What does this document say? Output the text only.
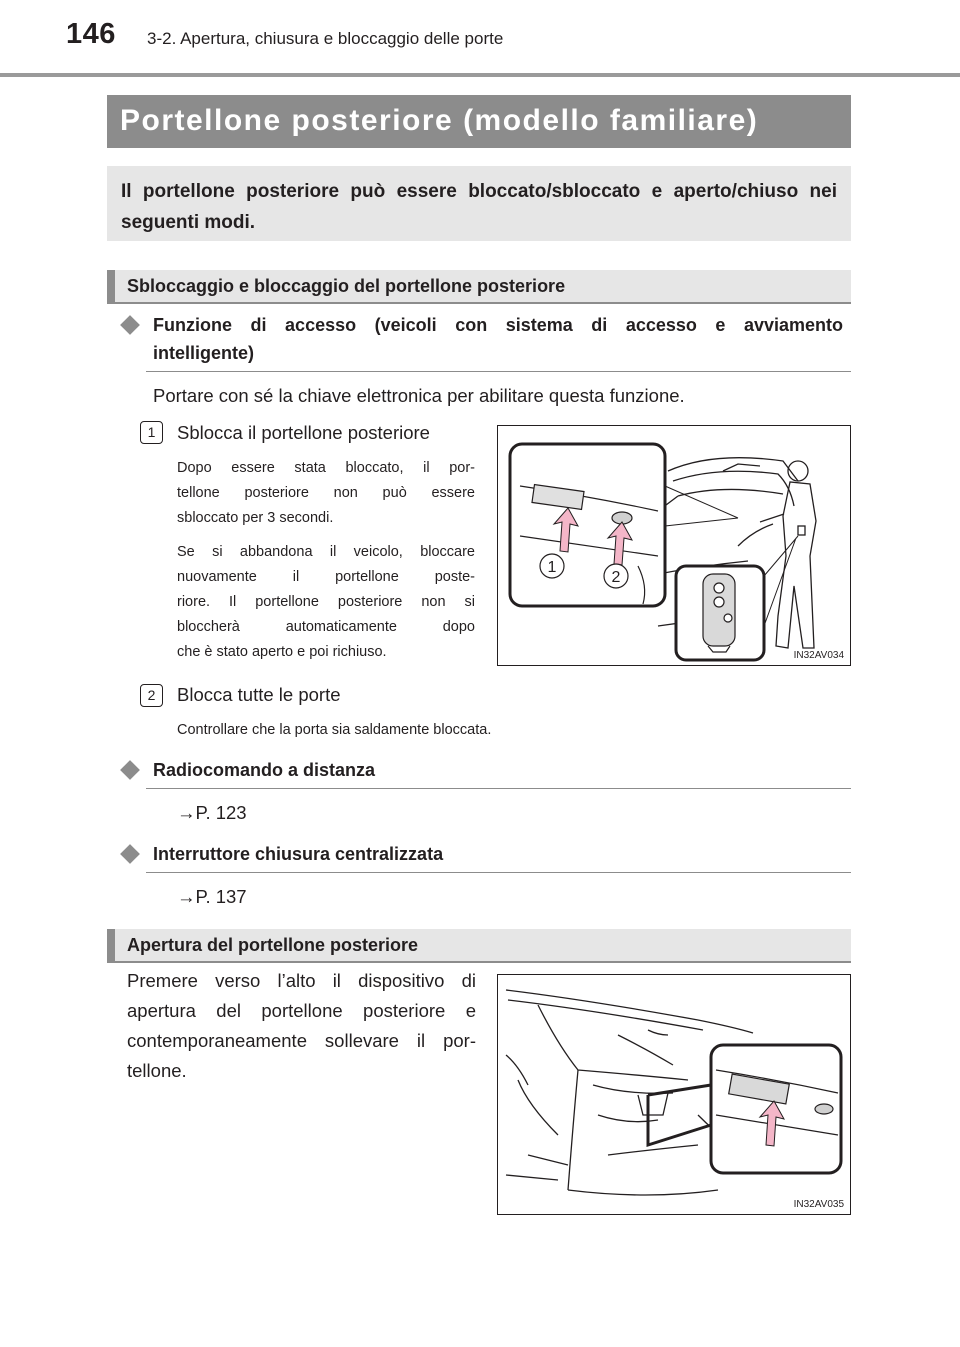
146 3-2. Apertura, chiusura e bloccaggio delle porte
Portellone posteriore (modello familiare)

Il portellone posteriore può essere bloccato/sbloccato e aperto/chiuso nei seguenti modi.

Sbloccaggio e bloccaggio del portellone posteriore
Funzione di accesso (veicoli con sistema di accesso e avviamento
intelligente)
Portare con sé la chiave elettronica per abilitare questa funzione.
1	Sblocca il portellone posteriore
Dopo essere stata bloccato, il por-
tellone posteriore non può essere
sbloccato per 3 secondi.
Se si abbandona il veicolo, bloccare
nuovamente il portellone poste-
riore. Il portellone posteriore non si
bloccherà automaticamente dopo
che è stato aperto e poi richiuso.
1
2
IN32AV034
2	Blocca tutte le porte
Controllare che la porta sia saldamente bloccata.
Radiocomando a distanza
→P. 123
Interruttore chiusura centralizzata
→P. 137
Apertura del portellone posteriore
Premere verso l’alto il dispositivo di
apertura del portellone posteriore e
contemporaneamente sollevare il por-
tellone.
IN32AV035
